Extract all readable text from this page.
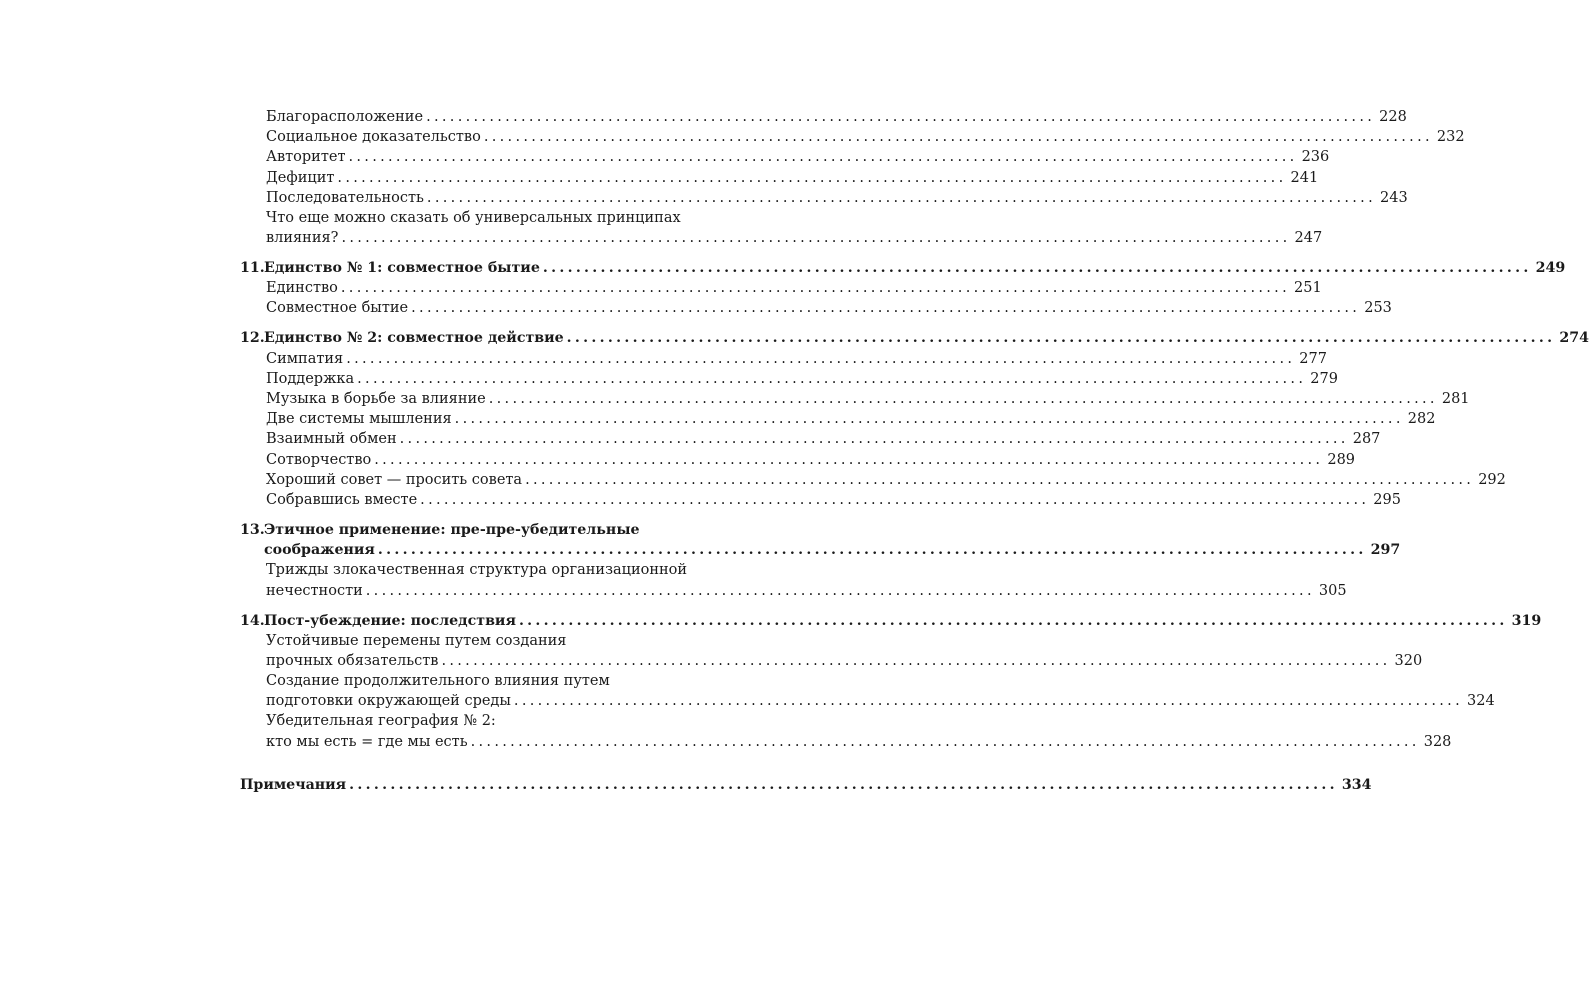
Благорасположение ........................................................................................................................ 228
Социальное доказательство ........................................................................................................................ 232
Авторитет ........................................................................................................................ 236
Дефицит ........................................................................................................................ 241
Последовательность ........................................................................................................................ 243
Что еще можно сказать об универсальных принципах
влияния? ........................................................................................................................ 247
11. Единство № 1: совместное бытие ........................................................................................................................ 249
Единство ........................................................................................................................ 251
Совместное бытие ........................................................................................................................ 253
12. Единство № 2: совместное действие ........................................................................................................................ 274
Симпатия ........................................................................................................................ 277
Поддержка ........................................................................................................................ 279
Музыка в борьбе за влияние ........................................................................................................................ 281
Две системы мышления ........................................................................................................................ 282
Взаимный обмен ........................................................................................................................ 287
Сотворчество ........................................................................................................................ 289
Хороший совет — просить совета ........................................................................................................................ 292
Собравшись вместе ........................................................................................................................ 295
13.Этичное применение: пре-пре-убедительные
соображения ........................................................................................................................ 297
Трижды злокачественная структура организационной
нечестности ........................................................................................................................ 305
14. Пост-убеждение: последствия ........................................................................................................................ 319
Устойчивые перемены путем создания
прочных обязательств ........................................................................................................................ 320
Создание продолжительного влияния путем
подготовки окружающей среды ........................................................................................................................ 324
Убедительная география № 2:
кто мы есть = где мы есть ........................................................................................................................ 328
Примечания ........................................................................................................................ 334
